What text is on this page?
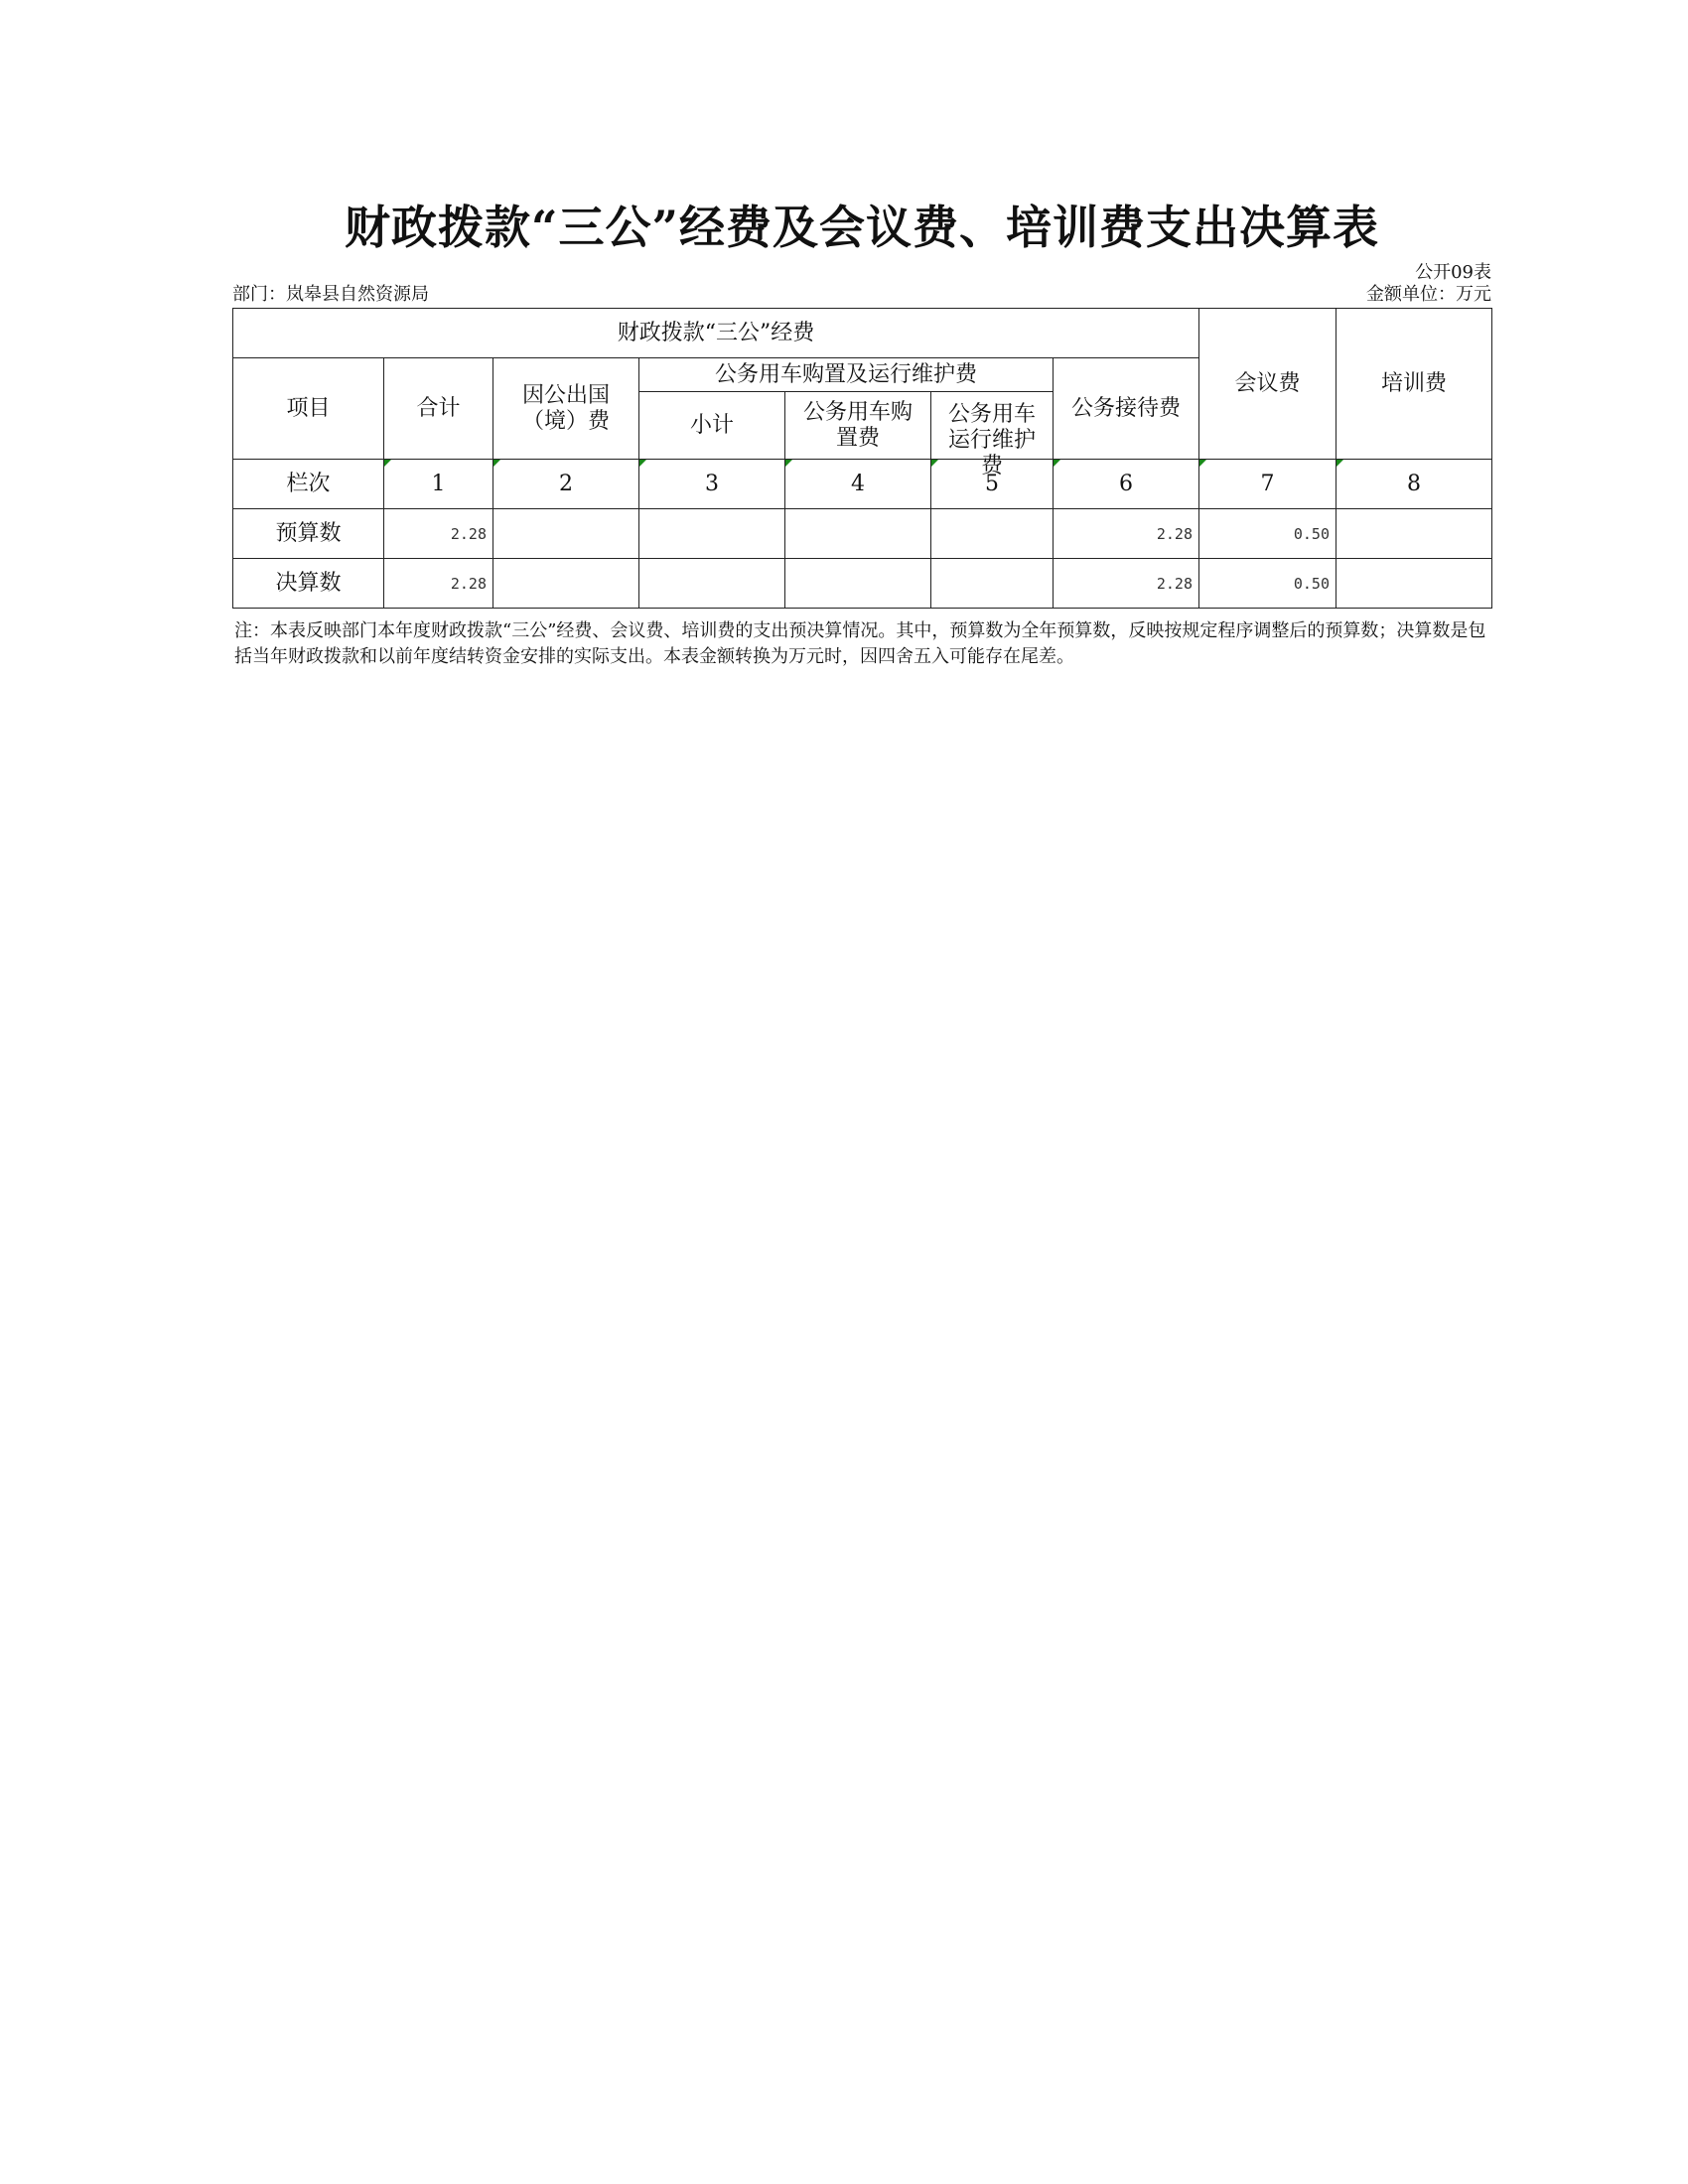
财政拨款“三公”经费及会议费、培训费支出决算表
公开09表
部门：岚皋县自然资源局	金额单位：万元
财政拨款“三公”经费							会议费	培训费
项目	合计	因公出国（境）费	公务用车购置及运行维护费			公务接待费		
			小计	公务用车购置费	公务用车运行维护费			

栏次	1	2	3	4	5	6	7	8
预算数	2.28					2.28	0.50	
决算数	2.28					2.28	0.50	
注：本表反映部门本年度财政拨款“三公”经费、会议费、培训费的支出预决算情况。其中，预算数为全年预算数，反映按规定程序调整后的预算数；决算数是包括当年财政拨款和以前年度结转资金安排的实际支出。本表金额转换为万元时，因四舍五入可能存在尾差。
